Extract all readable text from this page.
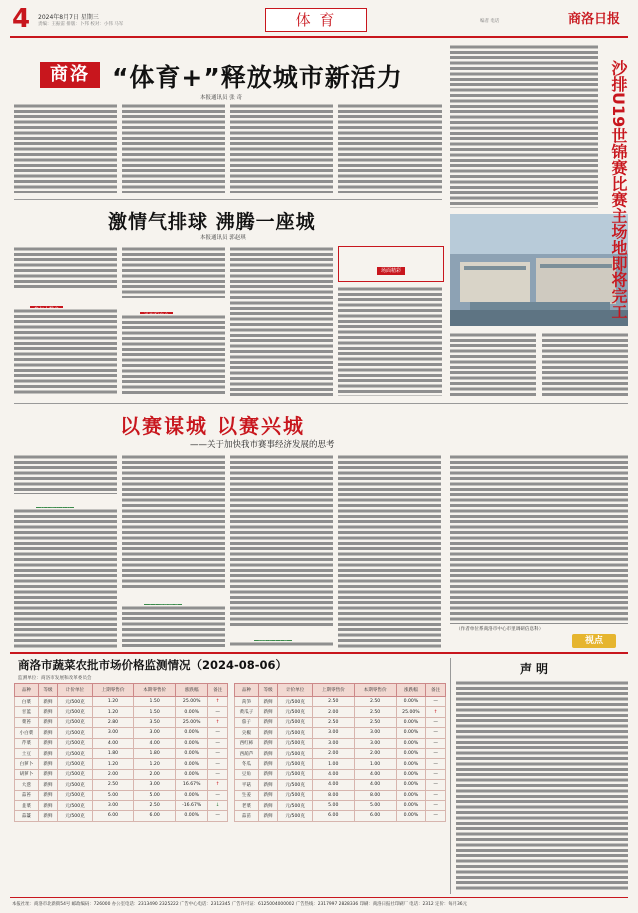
4 2024年8月7日 星期三
责编：王振雷 排版：卜邦 校对：小伟 马军	体 育	编者 电话	商洛日报
商洛 “体育+”释放城市新活力
本报通讯员 张 奇
激情气排球 沸腾一座城
本报通讯员 郭赵琪
场面精彩	沙排U19世锦赛比赛主场地即将完工
以赛谋城 以赛兴城
——关于加快我市赛事经济发展的思考
（作者单位系商洛市中心市里调研信息科）
视点
商洛市蔬菜农批市场价格监测情况（2024-08-06）
监测单位：商洛市发展和改革委员会
品种	等级	计价单位	上期零售价	本期零售价	涨跌幅	备注
白菜	新鲜	元/500克	1.20	1.50	25.00%	↑
甘蓝	新鲜	元/500克	1.20	1.50	0.00%	—
菜苔	新鲜	元/500克	2.80	3.50	25.00%	↑
小白菜	新鲜	元/500克	3.00	3.00	0.00%	—
芹菜	新鲜	元/500克	4.00	4.00	0.00%	—
土豆	新鲜	元/500克	1.80	1.80	0.00%	—
白萝卜	新鲜	元/500克	1.20	1.20	0.00%	—
胡萝卜	新鲜	元/500克	2.00	2.00	0.00%	—
大葱	新鲜	元/500克	2.50	3.00	16.67%	↑
蒜苔	新鲜	元/500克	5.00	5.00	0.00%	—
韭菜	新鲜	元/500克	3.00	2.50	-16.67%	↓
蒜薹	新鲜	元/500克	6.00	6.00	0.00%	—
品种	等级	计价单位	上期零售价	本期零售价	涨跌幅	备注
莴笋	新鲜	元/500克	2.50	2.50	0.00%	—
黄瓜子	新鲜	元/500克	2.00	2.50	25.00%	↑
茄子	新鲜	元/500克	2.50	2.50	0.00%	—
尖椒	新鲜	元/500克	3.00	3.00	0.00%	—
西红柿	新鲜	元/500克	3.00	3.00	0.00%	—
西葫芦	新鲜	元/500克	2.00	2.00	0.00%	—
冬瓜	新鲜	元/500克	1.00	1.00	0.00%	—
豆角	新鲜	元/500克	4.00	4.00	0.00%	—
平菇	新鲜	元/500克	4.00	4.00	0.00%	—
生姜	新鲜	元/500克	8.00	8.00	0.00%	—
老菜	新鲜	元/500克	5.00	5.00	0.00%	—
蒜苗	新鲜	元/500克	6.00	6.00	0.00%	—
声明
本报社址：商洛市北新街54号 邮政编码：726000 办公室电话：2313490 2325222 广告中心电话：2312345 广告许可证：6125004000002 广告热线：2317997 2828336 印刷：商洛日报社印刷厂 电话：2312 定价：每月36元
